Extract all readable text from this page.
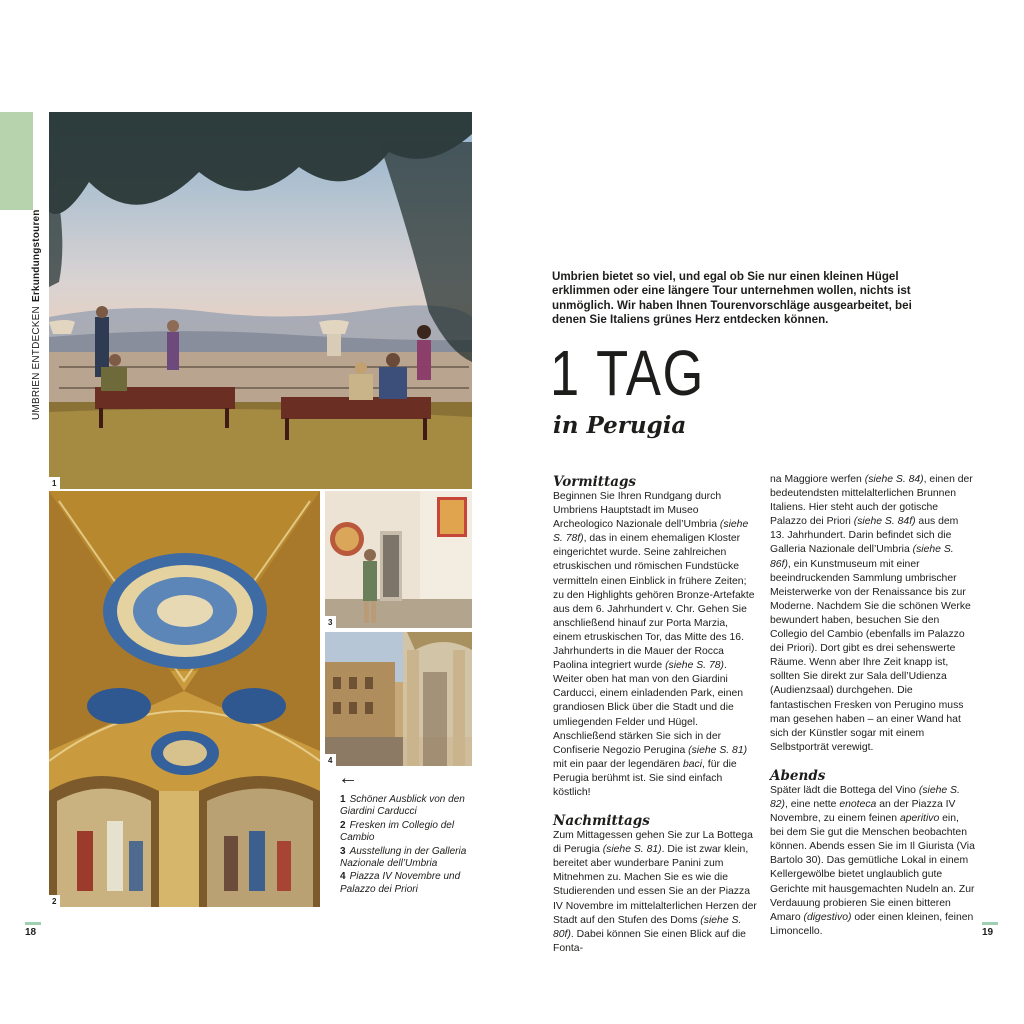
UMBRIEN ENTDECKENErkundungstouren
1
2
3
4
←
1 Schöner Ausblick von den Giardini Carducci
2 Fresken im Collegio del Cambio
3 Ausstellung in der Galleria Nazionale dell’Umbria
4 Piazza IV Novembre und Palazzo dei Priori
18

Umbrien bietet so viel, und egal ob Sie nur einen kleinen Hügel erklimmen oder eine längere Tour unternehmen wollen, nichts ist unmöglich. Wir haben Ihnen Tourenvorschläge ausgearbeitet, bei denen Sie Italiens grünes Herz entdecken können.

1 TAG
in Perugia
Vormittags

Beginnen Sie Ihren Rundgang durch Umbriens Hauptstadt im Museo Archeologico Nazionale dell’Umbria (siehe S. 78f), das in einem ehemaligen Kloster eingerichtet wurde. Seine zahlreichen etruskischen und römischen Fundstücke vermitteln einen Einblick in frühere Zeiten; zu den Highlights gehören Bronze-Artefakte aus dem 6. Jahrhundert v. Chr. Gehen Sie anschließend hinauf zur Porta Marzia, einem etruskischen Tor, das Mitte des 16. Jahrhunderts in die Mauer der Rocca Paolina integriert wurde (siehe S. 78). Weiter oben hat man von den Giardini Carducci, einem einladenden Park, einen grandiosen Blick über die Stadt und die umliegenden Felder und Hügel. Anschließend stärken Sie sich in der Confiserie Negozio Perugina (siehe S. 81) mit ein paar der legendären baci, für die Perugia berühmt ist. Sie sind einfach köstlich!

Nachmittags

Zum Mittagessen gehen Sie zur La Bottega di Perugia (siehe S. 81). Die ist zwar klein, bereitet aber wunderbare Panini zum Mitnehmen zu. Machen Sie es wie die Studierenden und essen Sie an der Piazza IV Novembre im mittelalterlichen Herzen der Stadt auf den Stufen des Doms (siehe S. 80f). Dabei können Sie einen Blick auf die Fonta-

na Maggiore werfen (siehe S. 84), einen der bedeutendsten mittelalterlichen Brunnen Italiens. Hier steht auch der gotische Palazzo dei Priori (siehe S. 84f) aus dem 13. Jahrhundert. Darin befindet sich die Galleria Nazionale dell’Umbria (siehe S. 86f), ein Kunstmuseum mit einer beeindruckenden Sammlung umbrischer Meisterwerke von der Renaissance bis zur Moderne. Nachdem Sie die schönen Werke bewundert haben, besuchen Sie den Collegio del Cambio (ebenfalls im Palazzo dei Priori). Dort gibt es drei sehenswerte Räume. Wenn aber Ihre Zeit knapp ist, sollten Sie direkt zur Sala dell’Udienza (Audienzsaal) durchgehen. Die fantastischen Fresken von Perugino muss man gesehen haben – an einer Wand hat sich der Künstler sogar mit einem Selbstporträt verewigt.

Abends

Später lädt die Bottega del Vino (siehe S. 82), eine nette enoteca an der Piazza IV Novembre, zu einem feinen aperitivo ein, bei dem Sie gut die Menschen beobachten können. Abends essen Sie im Il Giurista (Via Bartolo 30). Das gemütliche Lokal in einem Kellergewölbe bietet unglaublich gute Gerichte mit hausgemachten Nudeln an. Zur Verdauung probieren Sie einen bitteren Amaro (digestivo) oder einen kleinen, feinen Limoncello.	19
